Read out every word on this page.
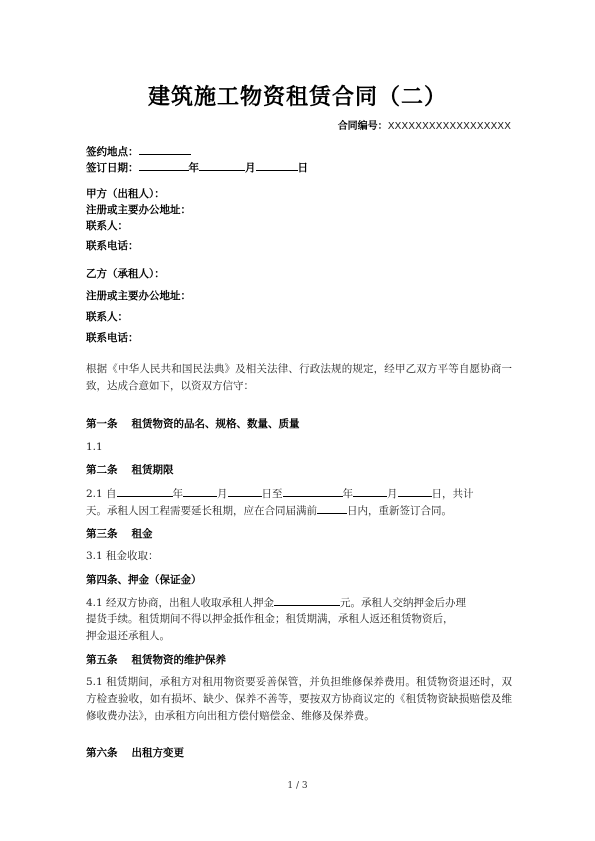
建筑施工物资租赁合同（二）
合同编号：XXXXXXXXXXXXXXXXXX
签约地点：
签订日期：	年	月	日
甲方（出租人）：
注册或主要办公地址：
联系人：
联系电话：
乙方（承租人）：
注册或主要办公地址：
联系人：
联系电话：
根据《中华人民共和国民法典》及相关法律、行政法规的规定，经甲乙双方平等自愿协商一致，达成合意如下，以资双方信守：
第一条 租赁物资的品名、规格、数量、质量
1.1
第二条 租赁期限
2.1 自	年	月	日至	年	月	日，共计
天。承租人因工程需要延长租期，应在合同届满前	日内，重新签订合同。
第三条 租金
3.1 租金收取：
第四条、押金（保证金）
4.1 经双方协商，出租人收取承租人押金	元。承租人交纳押金后办理
提货手续。租赁期间不得以押金抵作租金；租赁期满，承租人返还租赁物资后，
押金退还承租人。
第五条 租赁物资的维护保养
5.1 租赁期间，承租方对租用物资要妥善保管，并负担维修保养费用。租赁物资退还时，双方检查验收，如有损坏、缺少、保养不善等，要按双方协商议定的《租赁物资缺损赔偿及维修收费办法》，由承租方向出租方偿付赔偿金、维修及保养费。
第六条 出租方变更
1 / 3
